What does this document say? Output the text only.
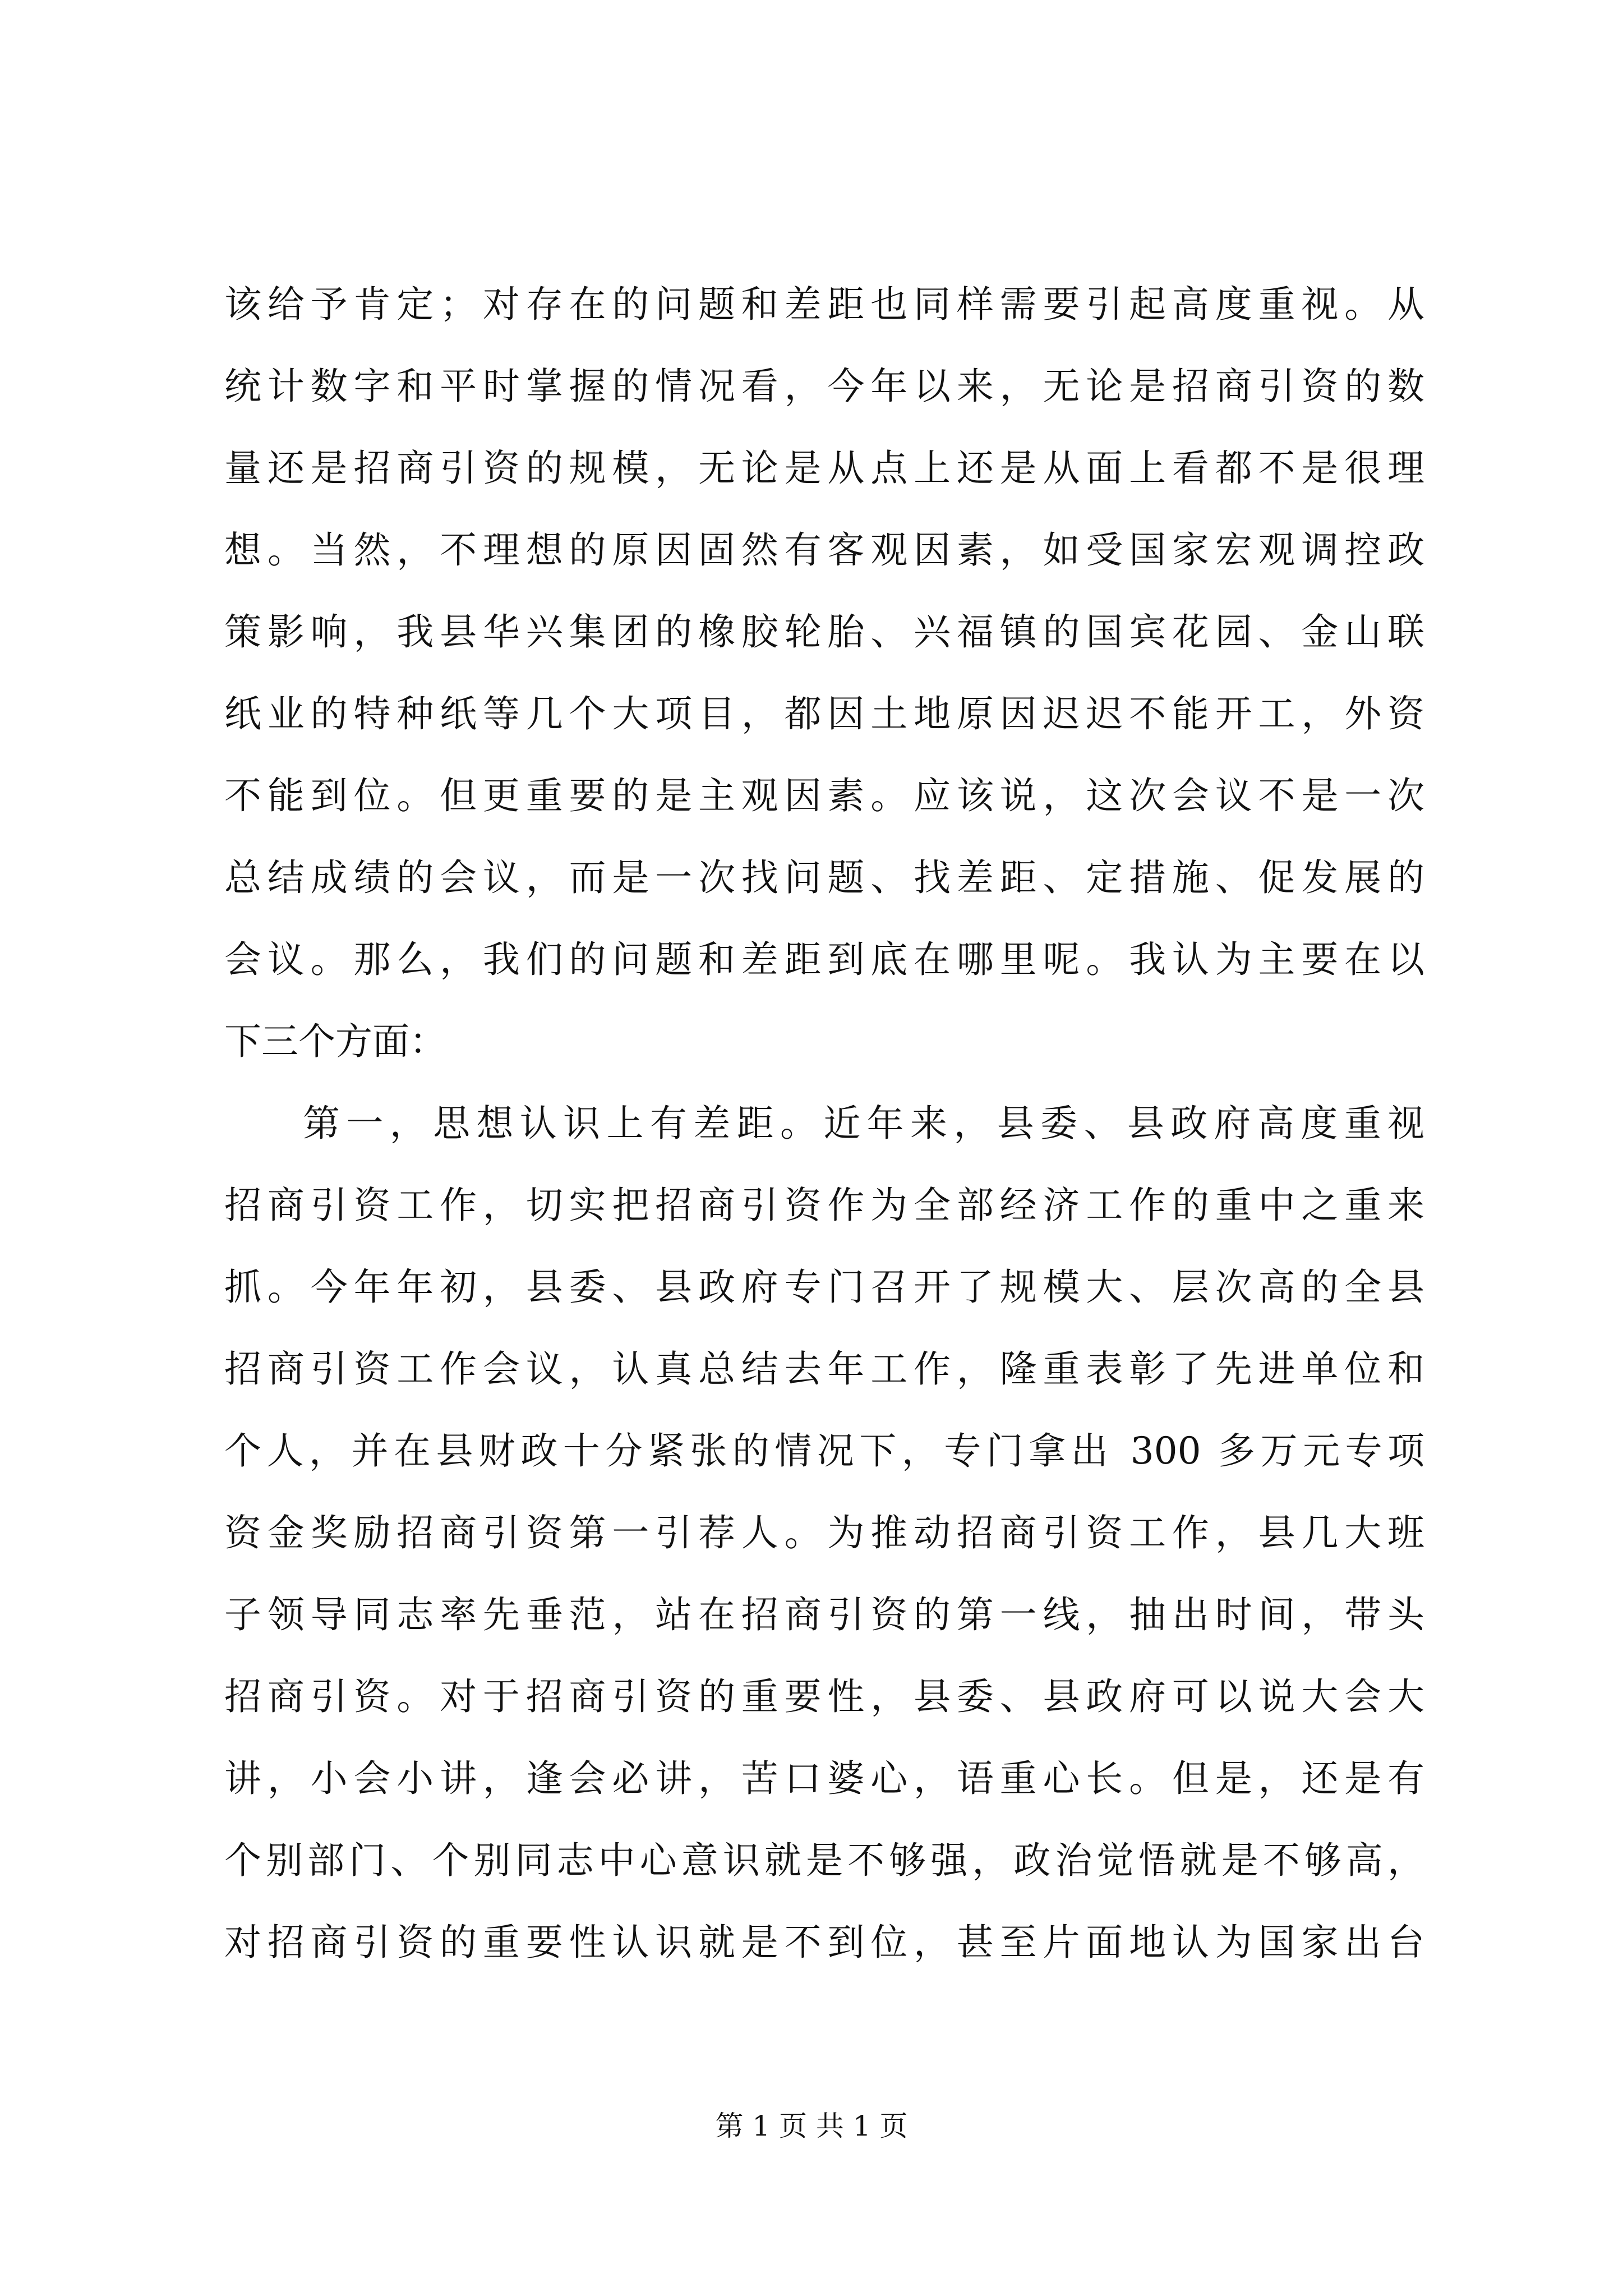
该给予肯定；对存在的问题和差距也同样需要引起高度重视。从
统计数字和平时掌握的情况看，今年以来，无论是招商引资的数
量还是招商引资的规模，无论是从点上还是从面上看都不是很理
想。当然，不理想的原因固然有客观因素，如受国家宏观调控政
策影响，我县华兴集团的橡胶轮胎、兴福镇的国宾花园、金山联
纸业的特种纸等几个大项目，都因土地原因迟迟不能开工，外资
不能到位。但更重要的是主观因素。应该说，这次会议不是一次
总结成绩的会议，而是一次找问题、找差距、定措施、促发展的
会议。那么，我们的问题和差距到底在哪里呢。我认为主要在以
下三个方面：
第一，思想认识上有差距。近年来，县委、县政府高度重视
招商引资工作，切实把招商引资作为全部经济工作的重中之重来
抓。今年年初，县委、县政府专门召开了规模大、层次高的全县
招商引资工作会议，认真总结去年工作，隆重表彰了先进单位和
个人，并在县财政十分紧张的情况下，专门拿出 300 多万元专项
资金奖励招商引资第一引荐人。为推动招商引资工作，县几大班
子领导同志率先垂范，站在招商引资的第一线，抽出时间，带头
招商引资。对于招商引资的重要性，县委、县政府可以说大会大
讲，小会小讲，逢会必讲，苦口婆心，语重心长。但是，还是有
个别部门、个别同志中心意识就是不够强，政治觉悟就是不够高，
对招商引资的重要性认识就是不到位，甚至片面地认为国家出台
第 1 页 共 1 页
